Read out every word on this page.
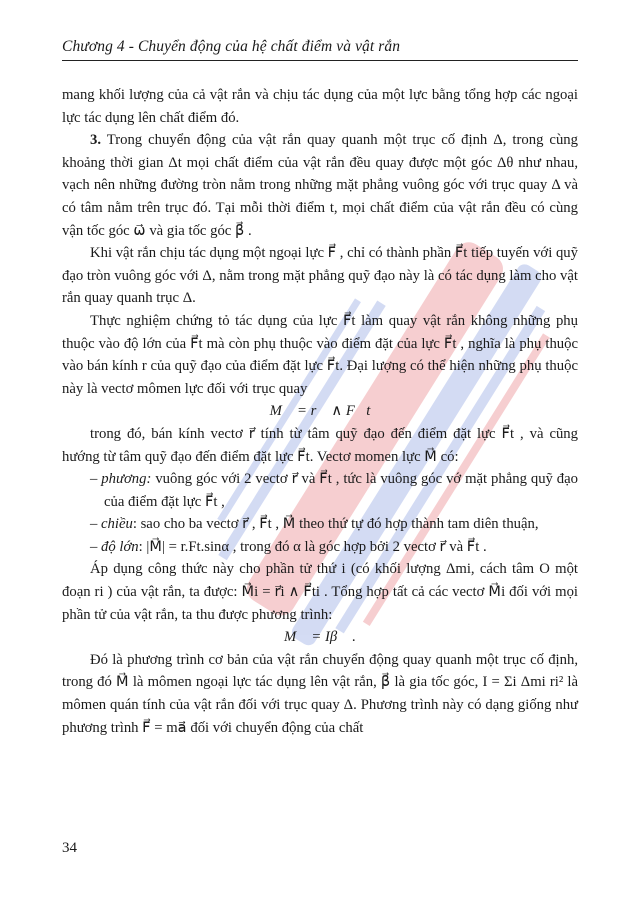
Chương 4 - Chuyển động của hệ chất điểm và vật rắn

mang khối lượng của cả vật rắn và chịu tác dụng của một lực bằng tổng hợp các ngoại lực tác dụng lên chất điểm đó.

3. Trong chuyển động của vật rắn quay quanh một trục cố định Δ, trong cùng khoảng thời gian Δt mọi chất điểm của vật rắn đều quay được một góc Δθ như nhau, vạch nên những đường tròn nằm trong những mặt phẳng vuông góc với trục quay Δ và có tâm nằm trên trục đó. Tại mỗi thời điểm t, mọi chất điểm của vật rắn đều có cùng vận tốc góc ω⃗ và gia tốc góc β⃗ .

Khi vật rắn chịu tác dụng một ngoại lực F⃗ , chỉ có thành phần F⃗t tiếp tuyến với quỹ đạo tròn vuông góc với Δ, nằm trong mặt phẳng quỹ đạo này là có tác dụng làm cho vật rắn quay quanh trục Δ.

Thực nghiệm chứng tỏ tác dụng của lực F⃗t làm quay vật rắn không những phụ thuộc vào độ lớn của F⃗t mà còn phụ thuộc vào điểm đặt của lực F⃗t , nghĩa là phụ thuộc vào bán kính r của quỹ đạo của điểm đặt lực F⃗t. Đại lượng có thể hiện những phụ thuộc này là vectơ mômen lực đối với trục quay

M⃗ = r⃗ ∧ F⃗t

trong đó, bán kính vectơ r⃗ tính từ tâm quỹ đạo đến điểm đặt lực F⃗t , và cũng hướng từ tâm quỹ đạo đến điểm đặt lực F⃗t. Vectơ momen lực M⃗ có:

– phương: vuông góc với 2 vectơ r⃗ và F⃗t , tức là vuông góc vớ mặt phẳng quỹ đạo của điểm đặt lực F⃗t ,

– chiều: sao cho ba vectơ r⃗ , F⃗t , M⃗ theo thứ tự đó hợp thành tam diên thuận,

– độ lớn: |M⃗| = r.Ft.sinα , trong đó α là góc hợp bởi 2 vectơ r⃗ và F⃗t .

Áp dụng công thức này cho phần tử thứ i (có khối lượng Δmi, cách tâm O một đoạn ri ) của vật rắn, ta được: M⃗i = r⃗i ∧ F⃗ti . Tổng hợp tất cả các vectơ M⃗i đối với mọi phần tử của vật rắn, ta thu được phương trình:

M⃗ = Iβ⃗ .

Đó là phương trình cơ bản của vật rắn chuyển động quay quanh một trục cố định, trong đó M⃗ là mômen ngoại lực tác dụng lên vật rắn, β⃗ là gia tốc góc, I = Σi Δmi ri² là mômen quán tính của vật rắn đối với trục quay Δ. Phương trình này có dạng giống như phương trình F⃗ = ma⃗ đối với chuyển động của chất

34
